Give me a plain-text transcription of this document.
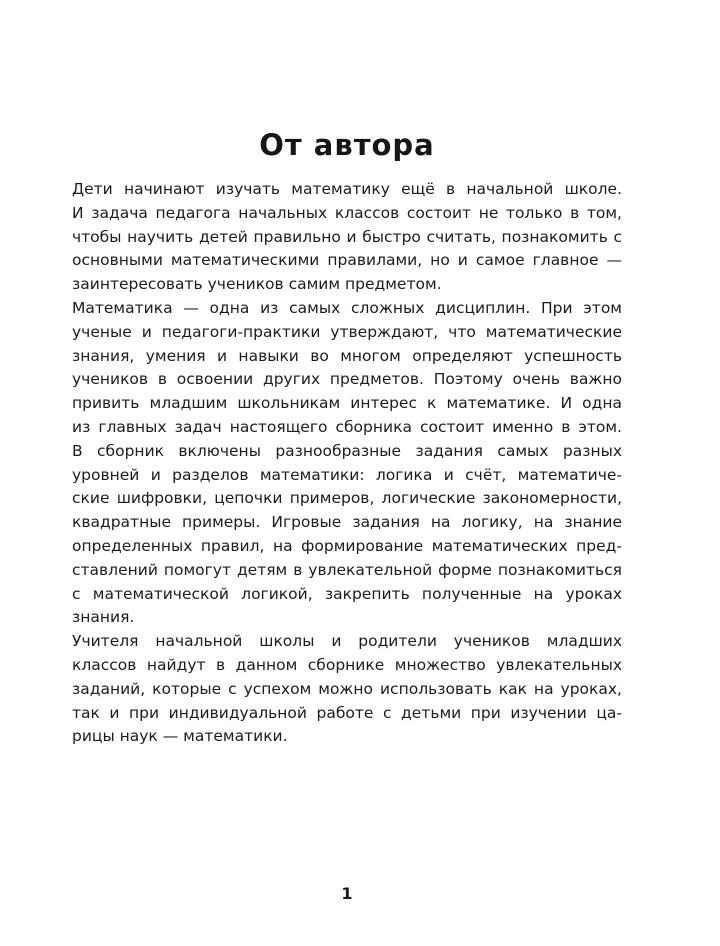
От автора
Дети начинают изучать математику ещё в начальной школе.
И задача педагога начальных классов состоит не только в том,
чтобы научить детей правильно и быстро считать, познакомить с
основными математическими правилами, но и самое главное —
заинтересовать учеников самим предметом.
Математика — одна из самых сложных дисциплин. При этом
ученые и педагоги-практики утверждают, что математические
знания, умения и навыки во многом определяют успешность
учеников в освоении других предметов. Поэтому очень важно
привить младшим школьникам интерес к математике. И одна
из главных задач настоящего сборника состоит именно в этом.
В сборник включены разнообразные задания самых разных
уровней и разделов математики: логика и счёт, математиче-
ские шифровки, цепочки примеров, логические закономерности,
квадратные примеры. Игровые задания на логику, на знание
определенных правил, на формирование математических пред-
ставлений помогут детям в увлекательной форме познакомиться
с математической логикой, закрепить полученные на уроках
знания.
Учителя начальной школы и родители учеников младших
классов найдут в данном сборнике множество увлекательных
заданий, которые с успехом можно использовать как на уроках,
так и при индивидуальной работе с детьми при изучении ца-
рицы наук — математики.
1
